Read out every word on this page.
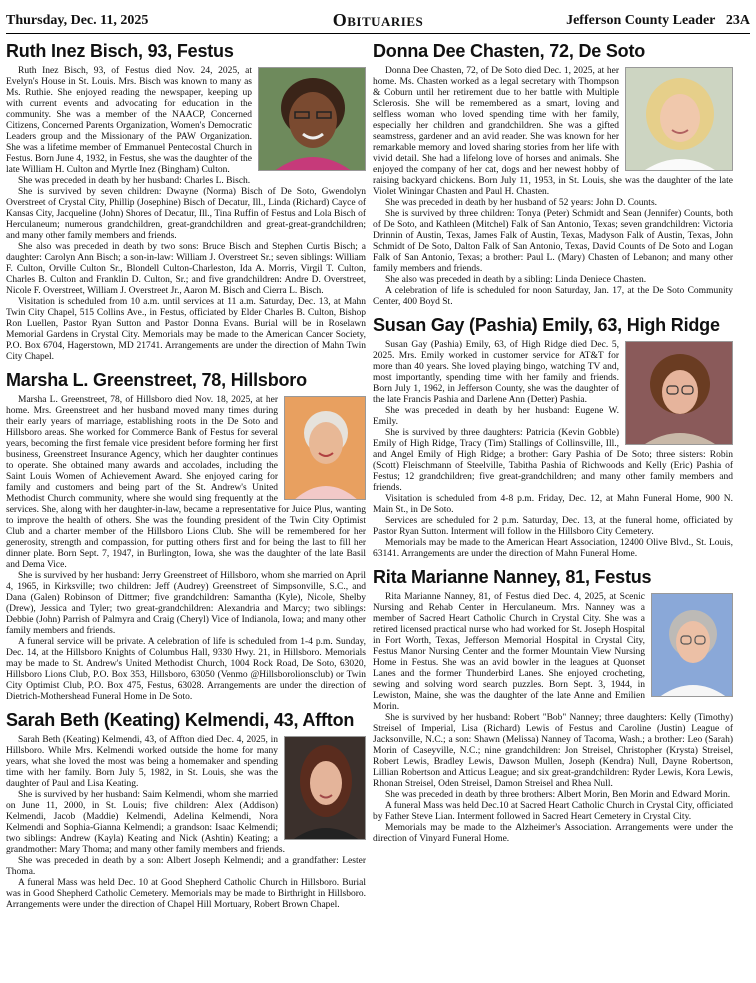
Thursday, Dec. 11, 2025	Obituaries	Jefferson County Leader 23A
Ruth Inez Bisch, 93, Festus

Ruth Inez Bisch, 93, of Festus died Nov. 24, 2025, at Evelyn's House in St. Louis. Mrs. Bisch was known to many as Ms. Ruthie. She enjoyed reading the newspaper, keeping up with current events and advocating for education in the community. She was a member of the NAACP, Concerned Citizens, Concerned Parents Organization, Women's Democratic Leaders group and the Missionary of the PAW Organization. She was a lifetime member of Emmanuel Pentecostal Church in Festus. Born June 4, 1932, in Festus, she was the daughter of the late William H. Culton and Myrtle Inez (Bingham) Culton.

She was preceded in death by her husband: Charles L. Bisch.

She is survived by seven children: Dwayne (Norma) Bisch of De Soto, Gwendolyn Overstreet of Crystal City, Phillip (Josephine) Bisch of Decatur, Ill., Linda (Richard) Cayce of Kansas City, Jacqueline (John) Shores of Decatur, Ill., Tina Ruffin of Festus and Lola Bisch of Herculaneum; numerous grandchildren, great-grandchildren and great-great-grandchildren; and many other family members and friends.

She also was preceded in death by two sons: Bruce Bisch and Stephen Curtis Bisch; a daughter: Carolyn Ann Bisch; a son-in-law: William J. Overstreet Sr.; seven siblings: William F. Culton, Orville Culton Sr., Blondell Culton-Charleston, Ida A. Morris, Virgil T. Culton, Charles B. Culton and Franklin D. Culton, Sr.; and five grandchildren: Andre D. Overstreet, Nicole F. Overstreet, William J. Overstreet Jr., Aaron M. Bisch and Cierra L. Bisch.

Visitation is scheduled from 10 a.m. until services at 11 a.m. Saturday, Dec. 13, at Mahn Twin City Chapel, 515 Collins Ave., in Festus, officiated by Elder Charles B. Culton, Bishop Ron Luellen, Pastor Ryan Sutton and Pastor Donna Evans. Burial will be in Roselawn Memorial Gardens in Crystal City. Memorials may be made to the American Cancer Society, P.O. Box 6704, Hagerstown, MD 21741. Arrangements are under the direction of Mahn Twin City Chapel.

Marsha L. Greenstreet, 78, Hillsboro

Marsha L. Greenstreet, 78, of Hillsboro died Nov. 18, 2025, at her home. Mrs. Greenstreet and her husband moved many times during their early years of marriage, establishing roots in the De Soto and Hillsboro areas. She worked for Commerce Bank of Festus for several years, becoming the first female vice president before forming her first business, Greenstreet Insurance Agency, which her daughter continues to operate. She obtained many awards and accolades, including the Saint Louis Women of Achievement Award. She enjoyed caring for family and customers and being part of the St. Andrew's United Methodist Church community, where she would sing frequently at the services. She, along with her daughter-in-law, became a representative for Juice Plus, wanting to improve the health of others. She was the founding president of the Twin City Optimist Club and a charter member of the Hillsboro Lions Club. She will be remembered for her generosity, strength and compassion, for putting others first and for being the last to fill her dinner plate. Born Sept. 7, 1947, in Burlington, Iowa, she was the daughter of the late Basil and Dema Vice.

She is survived by her husband: Jerry Greenstreet of Hillsboro, whom she married on April 4, 1965, in Kirksville; two children: Jeff (Audrey) Greenstreet of Simpsonville, S.C., and Dana (Galen) Robinson of Dittmer; five grandchildren: Samantha (Kyle), Nicole, Shelby (Drew), Jessica and Tyler; two great-grandchildren: Alexandria and Marcy; two siblings: Debbie (John) Parrish of Palmyra and Craig (Cheryl) Vice of Indianola, Iowa; and many other family members and friends.

A funeral service will be private. A celebration of life is scheduled from 1-4 p.m. Sunday, Dec. 14, at the Hillsboro Knights of Columbus Hall, 9330 Hwy. 21, in Hillsboro. Memorials may be made to St. Andrew's United Methodist Church, 1004 Rock Road, De Soto, 63020, Hillsboro Lions Club, P.O. Box 353, Hillsboro, 63050 (Venmo @Hillsborolionsclub) or Twin City Optimist Club, P.O. Box 475, Festus, 63028. Arrangements are under the direction of Dietrich-Mothershead Funeral Home in De Soto.

Sarah Beth (Keating) Kelmendi, 43, Affton

Sarah Beth (Keating) Kelmendi, 43, of Affton died Dec. 4, 2025, in Hillsboro. While Mrs. Kelmendi worked outside the home for many years, what she loved the most was being a homemaker and spending time with her family. Born July 5, 1982, in St. Louis, she was the daughter of Paul and Lisa Keating.

She is survived by her husband: Saim Kelmendi, whom she married on June 11, 2000, in St. Louis; five children: Alex (Addison) Kelmendi, Jacob (Maddie) Kelmendi, Adelina Kelmendi, Nora Kelmendi and Sophia-Gianna Kelmendi; a grandson: Isaac Kelmendi; two siblings: Andrew (Kayla) Keating and Nick (Ashtin) Keating; a grandmother: Mary Thoma; and many other family members and friends.

She was preceded in death by a son: Albert Joseph Kelmendi; and a grandfather: Lester Thoma.

A funeral Mass was held Dec. 10 at Good Shepherd Catholic Church in Hillsboro. Burial was in Good Shepherd Catholic Cemetery. Memorials may be made to Birthright in Hillsboro. Arrangements were under the direction of Chapel Hill Mortuary, Robert Brown Chapel.

Donna Dee Chasten, 72, De Soto

Donna Dee Chasten, 72, of De Soto died Dec. 1, 2025, at her home. Ms. Chasten worked as a legal secretary with Thompson & Coburn until her retirement due to her battle with Multiple Sclerosis. She will be remembered as a smart, loving and selfless woman who loved spending time with her family, especially her children and grandchildren. She was a gifted seamstress, gardener and an avid reader. She was known for her remarkable memory and loved sharing stories from her life with vivid detail. She had a lifelong love of horses and animals. She enjoyed the company of her cat, dogs and her newest hobby of raising backyard chickens. Born July 11, 1953, in St. Louis, she was the daughter of the late Violet Winingar Chasten and Paul H. Chasten.

She was preceded in death by her husband of 52 years: John D. Counts.

She is survived by three children: Tonya (Peter) Schmidt and Sean (Jennifer) Counts, both of De Soto, and Kathleen (Mitchel) Falk of San Antonio, Texas; seven grandchildren: Victoria Drinnin of Austin, Texas, James Falk of Austin, Texas, Madyson Falk of Austin, Texas, John Schmidt of De Soto, Dalton Falk of San Antonio, Texas, David Counts of De Soto and Logan Falk of San Antonio, Texas; a brother: Paul L. (Mary) Chasten of Lebanon; and many other family members and friends.

She also was preceded in death by a sibling: Linda Deniece Chasten.

A celebration of life is scheduled for noon Saturday, Jan. 17, at the De Soto Community Center, 400 Boyd St.

Susan Gay (Pashia) Emily, 63, High Ridge

Susan Gay (Pashia) Emily, 63, of High Ridge died Dec. 5, 2025. Mrs. Emily worked in customer service for AT&T for more than 40 years. She loved playing bingo, watching TV and, most importantly, spending time with her family and friends. Born July 1, 1962, in Jefferson County, she was the daughter of the late Francis Pashia and Darlene Ann (Detter) Pashia.

She was preceded in death by her husband: Eugene W. Emily.

She is survived by three daughters: Patricia (Kevin Gobble) Emily of High Ridge, Tracy (Tim) Stallings of Collinsville, Ill., and Angel Emily of High Ridge; a brother: Gary Pashia of De Soto; three sisters: Robin (Scott) Fleischmann of Steelville, Tabitha Pashia of Richwoods and Kelly (Eric) Pashia of Festus; 12 grandchildren; five great-grandchildren; and many other family members and friends.

Visitation is scheduled from 4-8 p.m. Friday, Dec. 12, at Mahn Funeral Home, 900 N. Main St., in De Soto.

Services are scheduled for 2 p.m. Saturday, Dec. 13, at the funeral home, officiated by Pastor Ryan Sutton. Interment will follow in the Hillsboro City Cemetery.

Memorials may be made to the American Heart Association, 12400 Olive Blvd., St. Louis, 63141. Arrangements are under the direction of Mahn Funeral Home.

Rita Marianne Nanney, 81, Festus

Rita Marianne Nanney, 81, of Festus died Dec. 4, 2025, at Scenic Nursing and Rehab Center in Herculaneum. Mrs. Nanney was a member of Sacred Heart Catholic Church in Crystal City. She was a retired licensed practical nurse who had worked for St. Joseph Hospital in Fort Worth, Texas, Jefferson Memorial Hospital in Crystal City, Festus Manor Nursing Center and the former Mountain View Nursing Home in Festus. She was an avid bowler in the leagues at Quonset Lanes and the former Thunderbird Lanes. She enjoyed crocheting, sewing and solving word search puzzles. Born Sept. 3, 1944, in Lewiston, Maine, she was the daughter of the late Anne and Emilien Morin.

She is survived by her husband: Robert "Bob" Nanney; three daughters: Kelly (Timothy) Streisel of Imperial, Lisa (Richard) Lewis of Festus and Caroline (Justin) League of Jacksonville, N.C.; a son: Shawn (Melissa) Nanney of Tacoma, Wash.; a brother: Leo (Sarah) Morin of Caseyville, N.C.; nine grandchildren: Jon Streisel, Christopher (Krysta) Streisel, Robert Lewis, Bradley Lewis, Dawson Mullen, Joseph (Kendra) Null, Dayne Robertson, Lillian Robertson and Atticus League; and six great-grandchildren: Ryder Lewis, Kora Lewis, Rhonan Streisel, Oden Streisel, Damon Streisel and Rhea Null.

She was preceded in death by three brothers: Albert Morin, Ben Morin and Edward Morin.

A funeral Mass was held Dec.10 at Sacred Heart Catholic Church in Crystal City, officiated by Father Steve Lian. Interment followed in Sacred Heart Cemetery in Crystal City.

Memorials may be made to the Alzheimer's Association. Arrangements were under the direction of Vinyard Funeral Home.
